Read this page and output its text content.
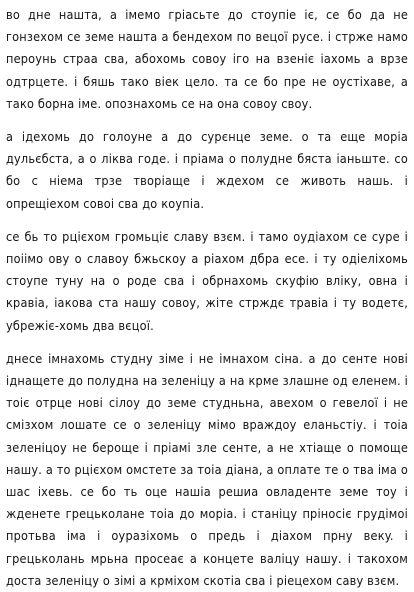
во дне нашта, а імемо гріасьте до стоупіе іє, се бо да не гонзехом се земе нашта а бендехом по вецої русе. і стрже намо пероунь страа сва, абохомь совоу іго на взеніє іахомь а врзе одтрцете. і бяшь тако віек цело. та се бо пре не оустіхаве, а тако борна іме. опознахомь се на она совоу своу.

а ідехомь до голоуне а до сурєнце земе. о та еще моріа дульєбста, а о ліква годе. і пріама о полудне бяста іаньште. со бо с ніема трзе творіаще і ждехом се животь нашь. і опрещіехом совоі сва до коупіа.

се бь то рцієхом громьціє славу взєм. і тамо оудіахом се суре і поіімо ову о славоу бжьскоу а ріахом дбра есе. і ту одіеліхомь стоупе туну на о роде сва і обрнахомь скуфію влікy, овна і кравіа, іакова ста нашу совоу, жіте стрждє травіа і ту водетє, убрежіє-хомь два вєцої.

днесе імнахомь студну зіме і не імнахом сіна. а до сенте нові іднащете до полудна на зеленіцу а на крме злашне од еленем. і тоіє отрце нові сілоу до земе студньна, авехом о гевелої і не смізхом лошате се о зеленіцу мімо враждоу еланьстіу. і тоіа зеленіцоу не бероще і пріамі зле сенте, а не хтіаще о помоще нашу. а то рцієхом омстете за тоіа діана, а оплате те о тва іма о шас іхевь. се бо ть оце нашіа решиа овладенте земе тоу і жденете грецьколане тоіа до моріа. і станіцу пріносіє грудімоі протьва іма і оуразіхомь о предь і діахом прну векy. і грецьколань мрьна просеає а концете валіцу нашу. і такохом доста зеленіцу о зімі а крміхом скотіа сва і ріецехом сaвy взєм.
